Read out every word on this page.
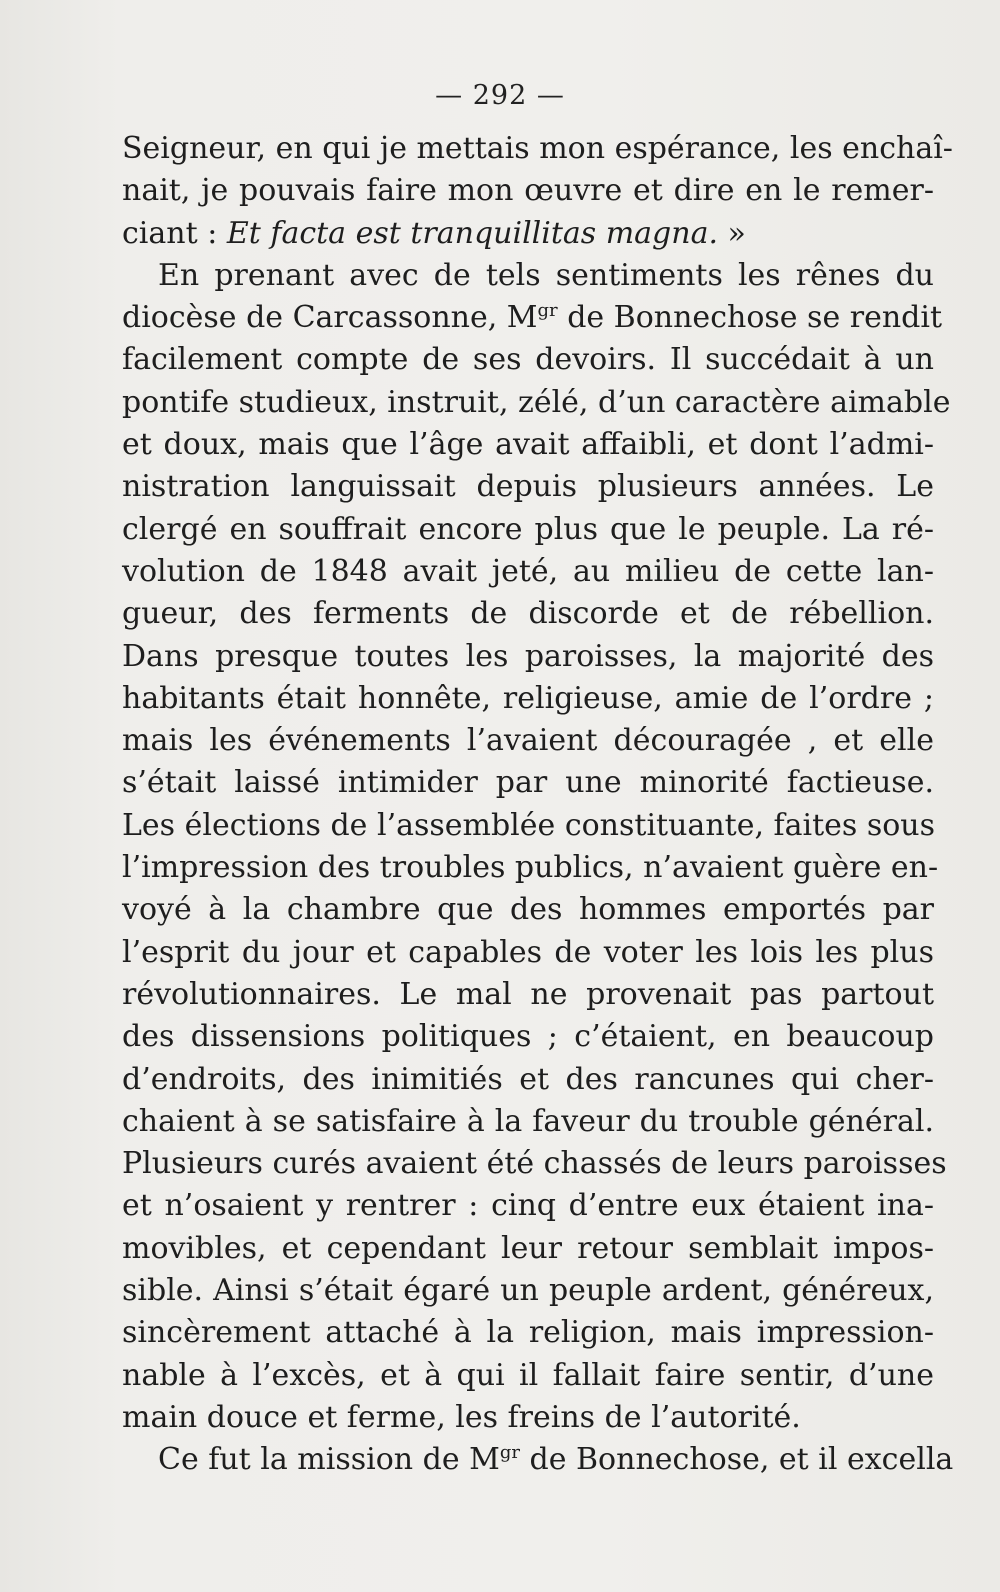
— 292 —
Seigneur, en qui je mettais mon espérance, les enchaî-
nait, je pouvais faire mon œuvre et dire en le remer-
ciant : Et facta est tranquillitas magna. »
En prenant avec de tels sentiments les rênes du
diocèse de Carcassonne, $M^{gr}$ de Bonnechose se rendit
facilement compte de ses devoirs. Il succédait à un
pontife studieux, instruit, zélé, d’un caractère aimable
et doux, mais que l’âge avait affaibli, et dont l’admi-
nistration languissait depuis plusieurs années. Le
clergé en souffrait encore plus que le peuple. La ré-
volution de 1848 avait jeté, au milieu de cette lan-
gueur, des ferments de discorde et de rébellion.
Dans presque toutes les paroisses, la majorité des
habitants était honnête, religieuse, amie de l’ordre ;
mais les événements l’avaient découragée , et elle
s’était laissé intimider par une minorité factieuse.
Les élections de l’assemblée constituante, faites sous
l’impression des troubles publics, n’avaient guère en-
voyé à la chambre que des hommes emportés par
l’esprit du jour et capables de voter les lois les plus
révolutionnaires. Le mal ne provenait pas partout
des dissensions politiques ; c’étaient, en beaucoup
d’endroits, des inimitiés et des rancunes qui cher-
chaient à se satisfaire à la faveur du trouble général.
Plusieurs curés avaient été chassés de leurs paroisses
et n’osaient y rentrer : cinq d’entre eux étaient ina-
movibles, et cependant leur retour semblait impos-
sible. Ainsi s’était égaré un peuple ardent, généreux,
sincèrement attaché à la religion, mais impression-
nable à l’excès, et à qui il fallait faire sentir, d’une
main douce et ferme, les freins de l’autorité.
Ce fut la mission de $M^{gr}$ de Bonnechose, et il excella
